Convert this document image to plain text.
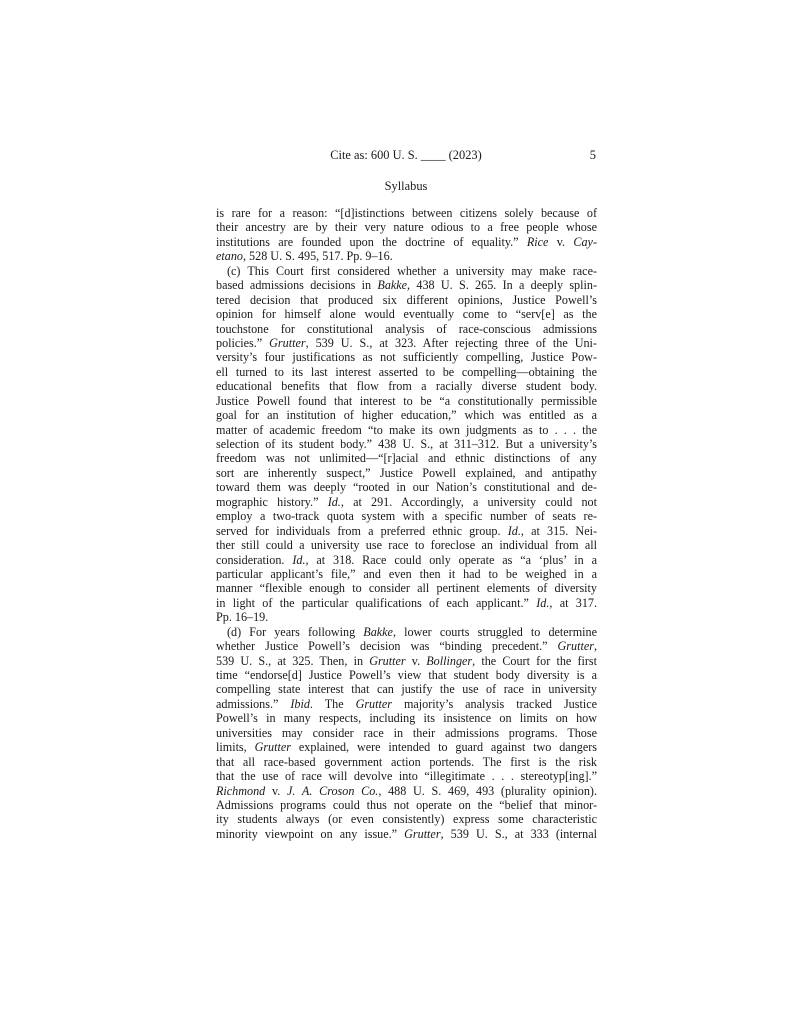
Cite as: 600 U. S. ____ (2023)	5
Syllabus
is rare for a reason: “[d]istinctions between citizens solely because of
their ancestry are by their very nature odious to a free people whose
institutions are founded upon the doctrine of equality.” Rice v. Cay-
etano, 528 U. S. 495, 517. Pp. 9–16.
(c) This Court first considered whether a university may make race-
based admissions decisions in Bakke, 438 U. S. 265. In a deeply splin-
tered decision that produced six different opinions, Justice Powell’s
opinion for himself alone would eventually come to “serv[e] as the
touchstone for constitutional analysis of race-conscious admissions
policies.” Grutter, 539 U. S., at 323. After rejecting three of the Uni-
versity’s four justifications as not sufficiently compelling, Justice Pow-
ell turned to its last interest asserted to be compelling—obtaining the
educational benefits that flow from a racially diverse student body.
Justice Powell found that interest to be “a constitutionally permissible
goal for an institution of higher education,” which was entitled as a
matter of academic freedom “to make its own judgments as to . . . the
selection of its student body.” 438 U. S., at 311–312. But a university’s
freedom was not unlimited—“[r]acial and ethnic distinctions of any
sort are inherently suspect,” Justice Powell explained, and antipathy
toward them was deeply “rooted in our Nation’s constitutional and de-
mographic history.” Id., at 291. Accordingly, a university could not
employ a two-track quota system with a specific number of seats re-
served for individuals from a preferred ethnic group. Id., at 315. Nei-
ther still could a university use race to foreclose an individual from all
consideration. Id., at 318. Race could only operate as “a ‘plus’ in a
particular applicant’s file,” and even then it had to be weighed in a
manner “flexible enough to consider all pertinent elements of diversity
in light of the particular qualifications of each applicant.” Id., at 317.
Pp. 16–19.
(d) For years following Bakke, lower courts struggled to determine
whether Justice Powell’s decision was “binding precedent.” Grutter,
539 U. S., at 325. Then, in Grutter v. Bollinger, the Court for the first
time “endorse[d] Justice Powell’s view that student body diversity is a
compelling state interest that can justify the use of race in university
admissions.” Ibid. The Grutter majority’s analysis tracked Justice
Powell’s in many respects, including its insistence on limits on how
universities may consider race in their admissions programs. Those
limits, Grutter explained, were intended to guard against two dangers
that all race-based government action portends. The first is the risk
that the use of race will devolve into “illegitimate . . . stereotyp[ing].”
Richmond v. J. A. Croson Co., 488 U. S. 469, 493 (plurality opinion).
Admissions programs could thus not operate on the “belief that minor-
ity students always (or even consistently) express some characteristic
minority viewpoint on any issue.” Grutter, 539 U. S., at 333 (internal
